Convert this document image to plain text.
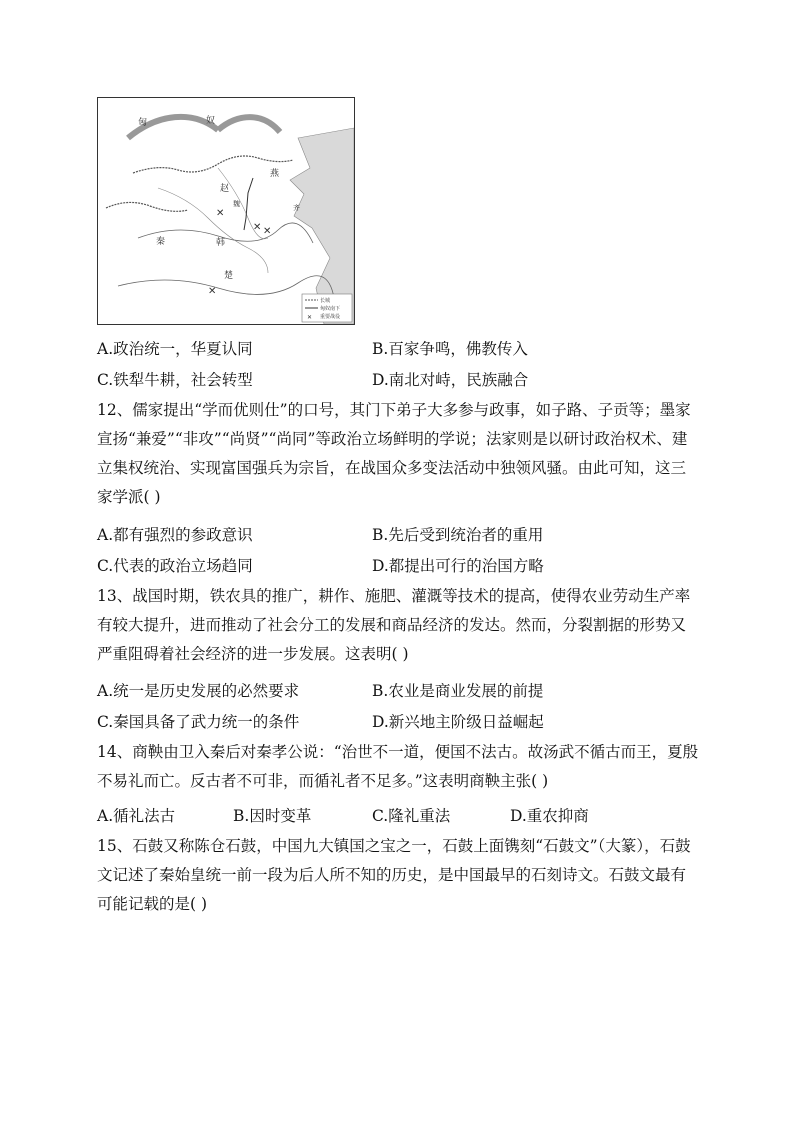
✕
✕ ✕
✕
匈	奴
燕
赵
秦	韩
楚
齐
魏
长城
匈奴南下
✕ 重要战役
A.政治统一，华夏认同	B.百家争鸣，佛教传入
C.铁犁牛耕，社会转型	D.南北对峙，民族融合
12、儒家提出“学而优则仕”的口号，其门下弟子大多参与政事，如子路、子贡等；墨家宣扬“兼爱”“非攻”“尚贤”“尚同”等政治立场鲜明的学说；法家则是以研讨政治权术、建立集权统治、实现富国强兵为宗旨，在战国众多变法活动中独领风骚。由此可知，这三家学派( )
A.都有强烈的参政意识	B.先后受到统治者的重用
C.代表的政治立场趋同	D.都提出可行的治国方略
13、战国时期，铁农具的推广，耕作、施肥、灌溉等技术的提高，使得农业劳动生产率有较大提升，进而推动了社会分工的发展和商品经济的发达。然而，分裂割据的形势又严重阻碍着社会经济的进一步发展。这表明( )
A.统一是历史发展的必然要求	B.农业是商业发展的前提
C.秦国具备了武力统一的条件	D.新兴地主阶级日益崛起
14、商鞅由卫入秦后对秦孝公说：“治世不一道，便国不法古。故汤武不循古而王，夏殷不易礼而亡。反古者不可非，而循礼者不足多。”这表明商鞅主张( )
A.循礼法古	B.因时变革	C.隆礼重法	D.重农抑商
15、石鼓又称陈仓石鼓，中国九大镇国之宝之一，石鼓上面镌刻“石鼓文”（大篆），石鼓文记述了秦始皇统一前一段为后人所不知的历史，是中国最早的石刻诗文。石鼓文最有可能记载的是( )
